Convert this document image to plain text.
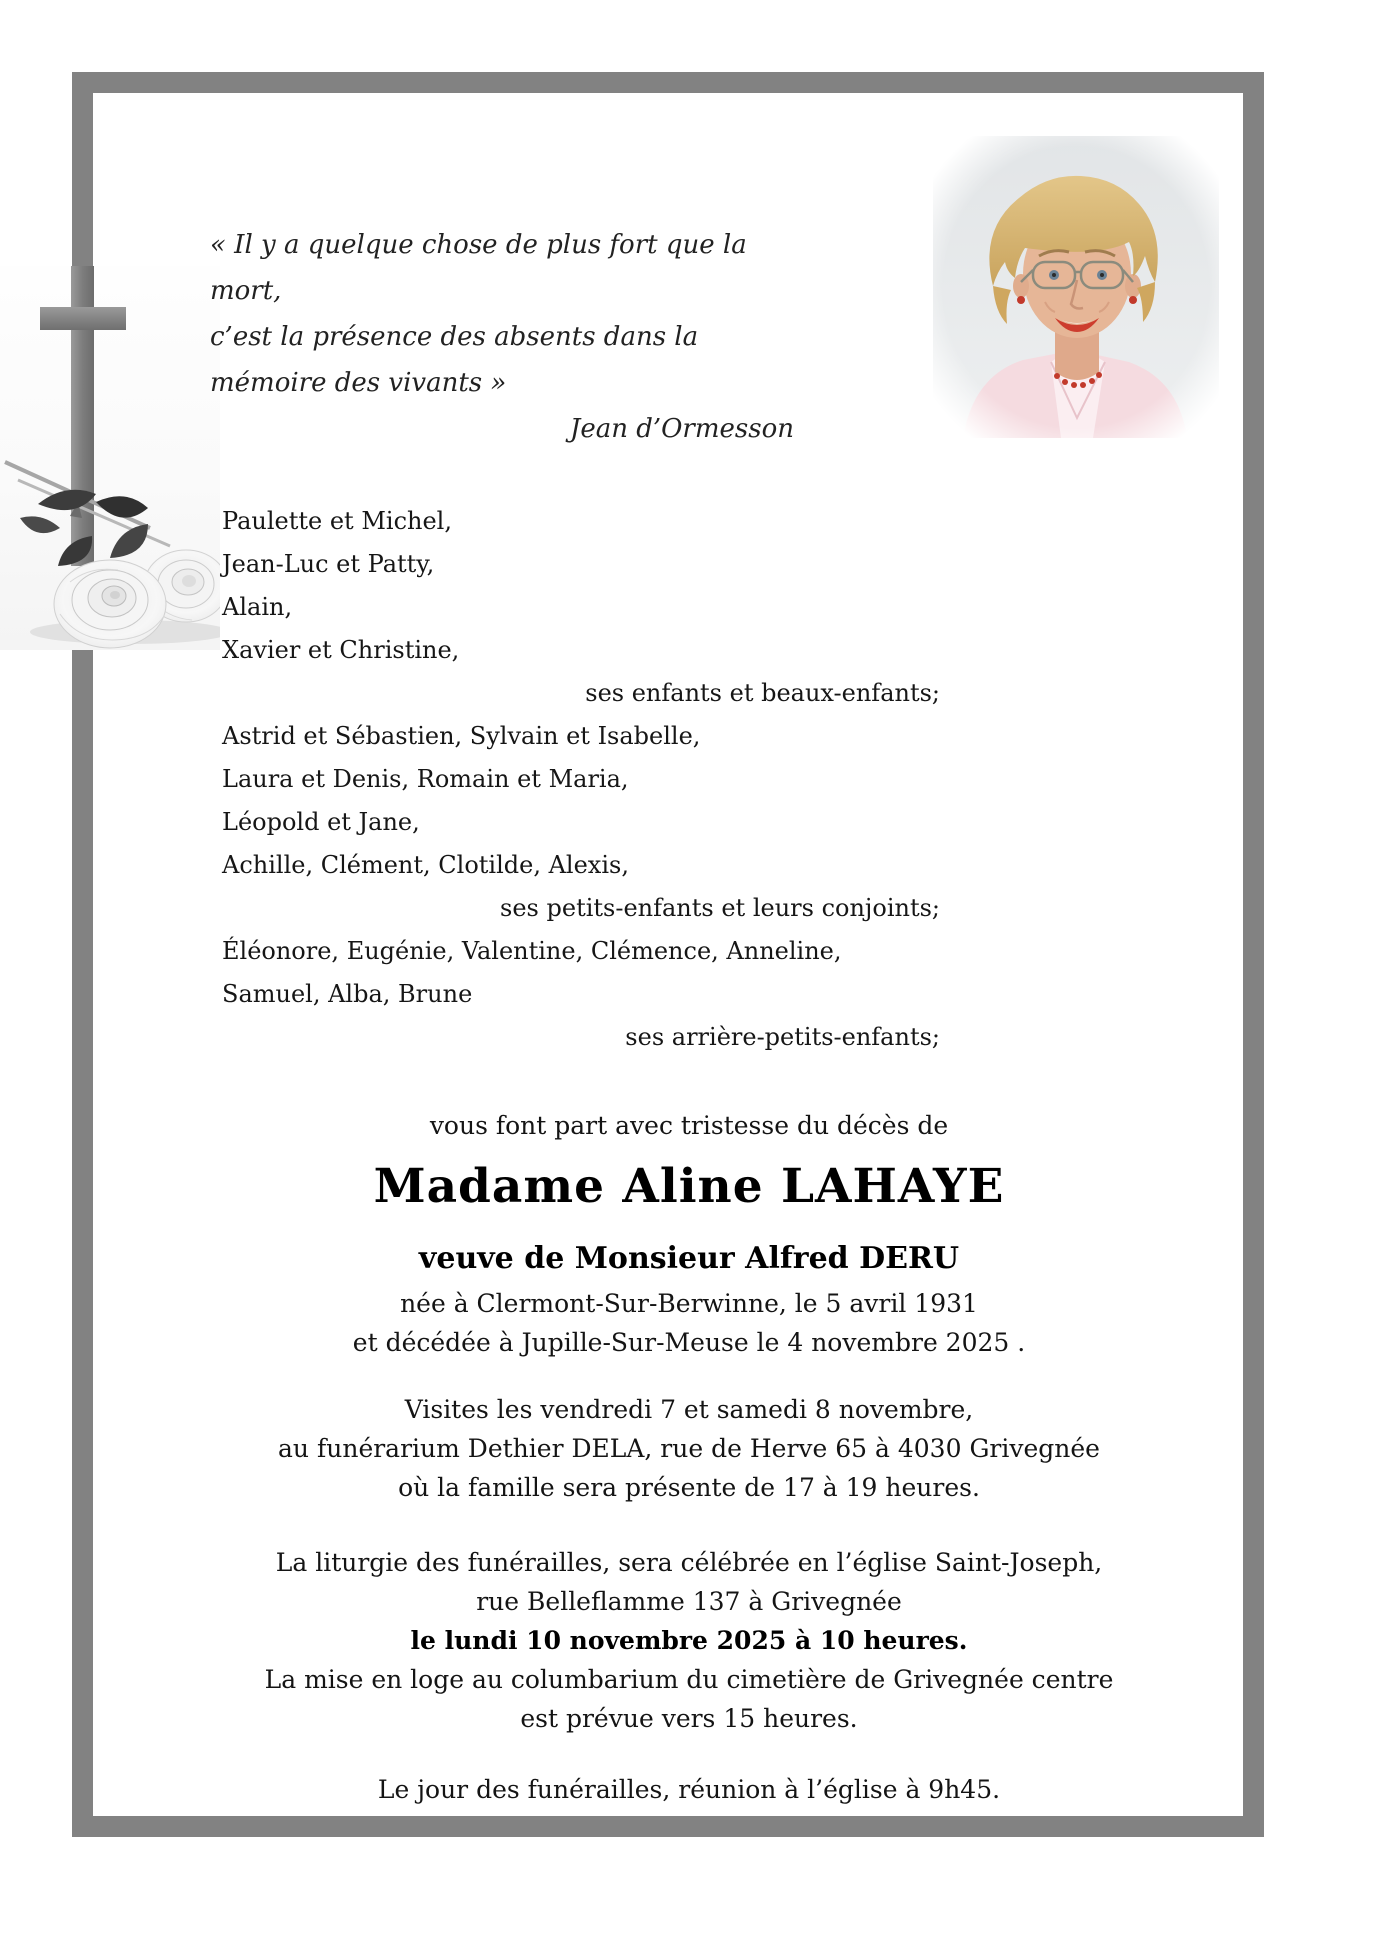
« Il y a quelque chose de plus fort que la mort,
c’est la présence des absents dans la mémoire des vivants »
Jean d’Ormesson
Paulette et Michel,
Jean-Luc et Patty,
Alain,
Xavier et Christine,
ses enfants et beaux-enfants;
Astrid et Sébastien, Sylvain et Isabelle,
Laura et Denis, Romain et Maria,
Léopold et Jane,
Achille, Clément, Clotilde, Alexis,
ses petits-enfants et leurs conjoints;
Éléonore, Eugénie, Valentine, Clémence, Anneline,
Samuel, Alba, Brune
ses arrière-petits-enfants;
vous font part avec tristesse du décès de
Madame Aline LAHAYE
veuve de Monsieur Alfred DERU
née à Clermont-Sur-Berwinne, le 5 avril 1931
et décédée à Jupille-Sur-Meuse le 4 novembre 2025 .
Visites les vendredi 7 et samedi 8 novembre,
au funérarium Dethier DELA, rue de Herve 65 à 4030 Grivegnée
où la famille sera présente de 17 à 19 heures.
La liturgie des funérailles, sera célébrée en l’église Saint-Joseph,
rue Belleflamme 137 à Grivegnée
le lundi 10 novembre 2025 à 10 heures.
La mise en loge au columbarium du cimetière de Grivegnée centre
est prévue vers 15 heures.
Le jour des funérailles, réunion à l’église à 9h45.
